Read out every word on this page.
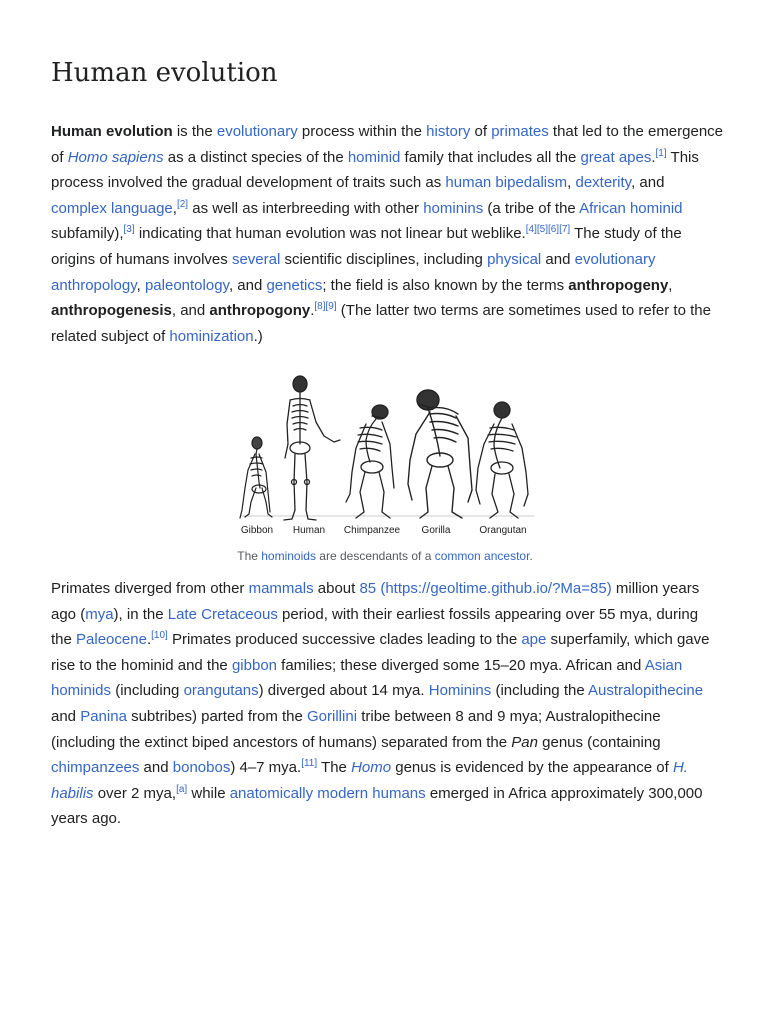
Human evolution

Human evolution is the evolutionary process within the history of primates that led to the emergence of Homo sapiens as a distinct species of the hominid family that includes all the great apes.[1] This process involved the gradual development of traits such as human bipedalism, dexterity, and complex language,[2] as well as interbreeding with other hominins (a tribe of the African hominid subfamily),[3] indicating that human evolution was not linear but weblike.[4][5][6][7] The study of the origins of humans involves several scientific disciplines, including physical and evolutionary anthropology, paleontology, and genetics; the field is also known by the terms anthropogeny, anthropogenesis, and anthropogony.[8][9] (The latter two terms are sometimes used to refer to the related subject of hominization.)

Gibbon Human Chimpanzee Gorilla	Orangutan
The hominoids are descendants of a common ancestor.

Primates diverged from other mammals about 85 (https://geoltime.github.io/?Ma=85) million years ago (mya), in the Late Cretaceous period, with their earliest fossils appearing over 55 mya, during the Paleocene.[10] Primates produced successive clades leading to the ape superfamily, which gave rise to the hominid and the gibbon families; these diverged some 15–20 mya. African and Asian hominids (including orangutans) diverged about 14 mya. Hominins (including the Australopithecine and Panina subtribes) parted from the Gorillini tribe between 8 and 9 mya; Australopithecine (including the extinct biped ancestors of humans) separated from the Pan genus (containing chimpanzees and bonobos) 4–7 mya.[11] The Homo genus is evidenced by the appearance of H. habilis over 2 mya,[a] while anatomically modern humans emerged in Africa approximately 300,000 years ago.
